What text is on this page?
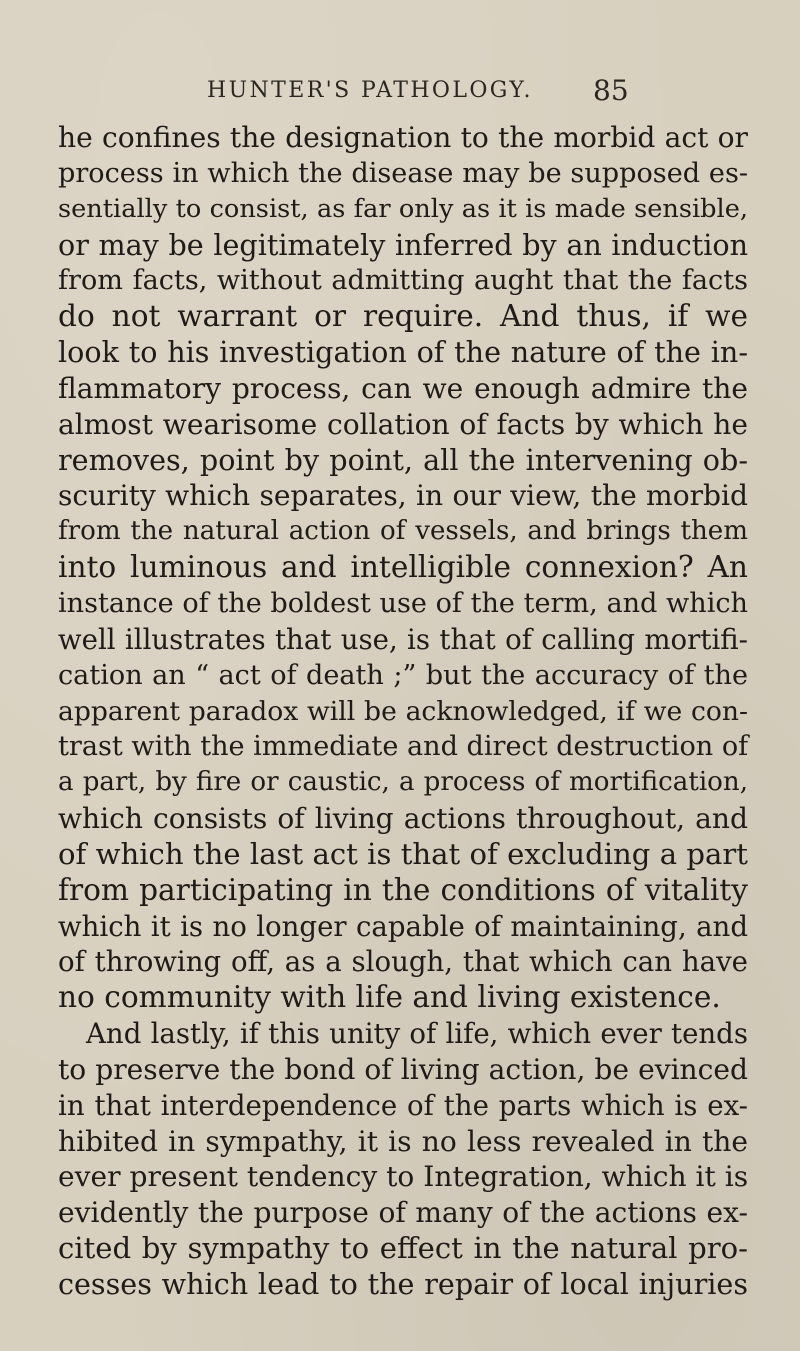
HUNTER'S PATHOLOGY. 85
he confines the designation to the morbid act or
process in which the disease may be supposed es-
sentially to consist, as far only as it is made sensible,
or may be legitimately inferred by an induction
from facts, without admitting aught that the facts
do not warrant or require. And thus, if we
look to his investigation of the nature of the in-
flammatory process, can we enough admire the
almost wearisome collation of facts by which he
removes, point by point, all the intervening ob-
scurity which separates, in our view, the morbid
from the natural action of vessels, and brings them
into luminous and intelligible connexion? An
instance of the boldest use of the term, and which
well illustrates that use, is that of calling mortifi-
cation an “ act of death ;” but the accuracy of the
apparent paradox will be acknowledged, if we con-
trast with the immediate and direct destruction of
a part, by fire or caustic, a process of mortification,
which consists of living actions throughout, and
of which the last act is that of excluding a part
from participating in the conditions of vitality
which it is no longer capable of maintaining, and
of throwing off, as a slough, that which can have
no community with life and living existence.
And lastly, if this unity of life, which ever tends
to preserve the bond of living action, be evinced
in that interdependence of the parts which is ex-
hibited in sympathy, it is no less revealed in the
ever present tendency to Integration, which it is
evidently the purpose of many of the actions ex-
cited by sympathy to effect in the natural pro-
cesses which lead to the repair of local injuries
